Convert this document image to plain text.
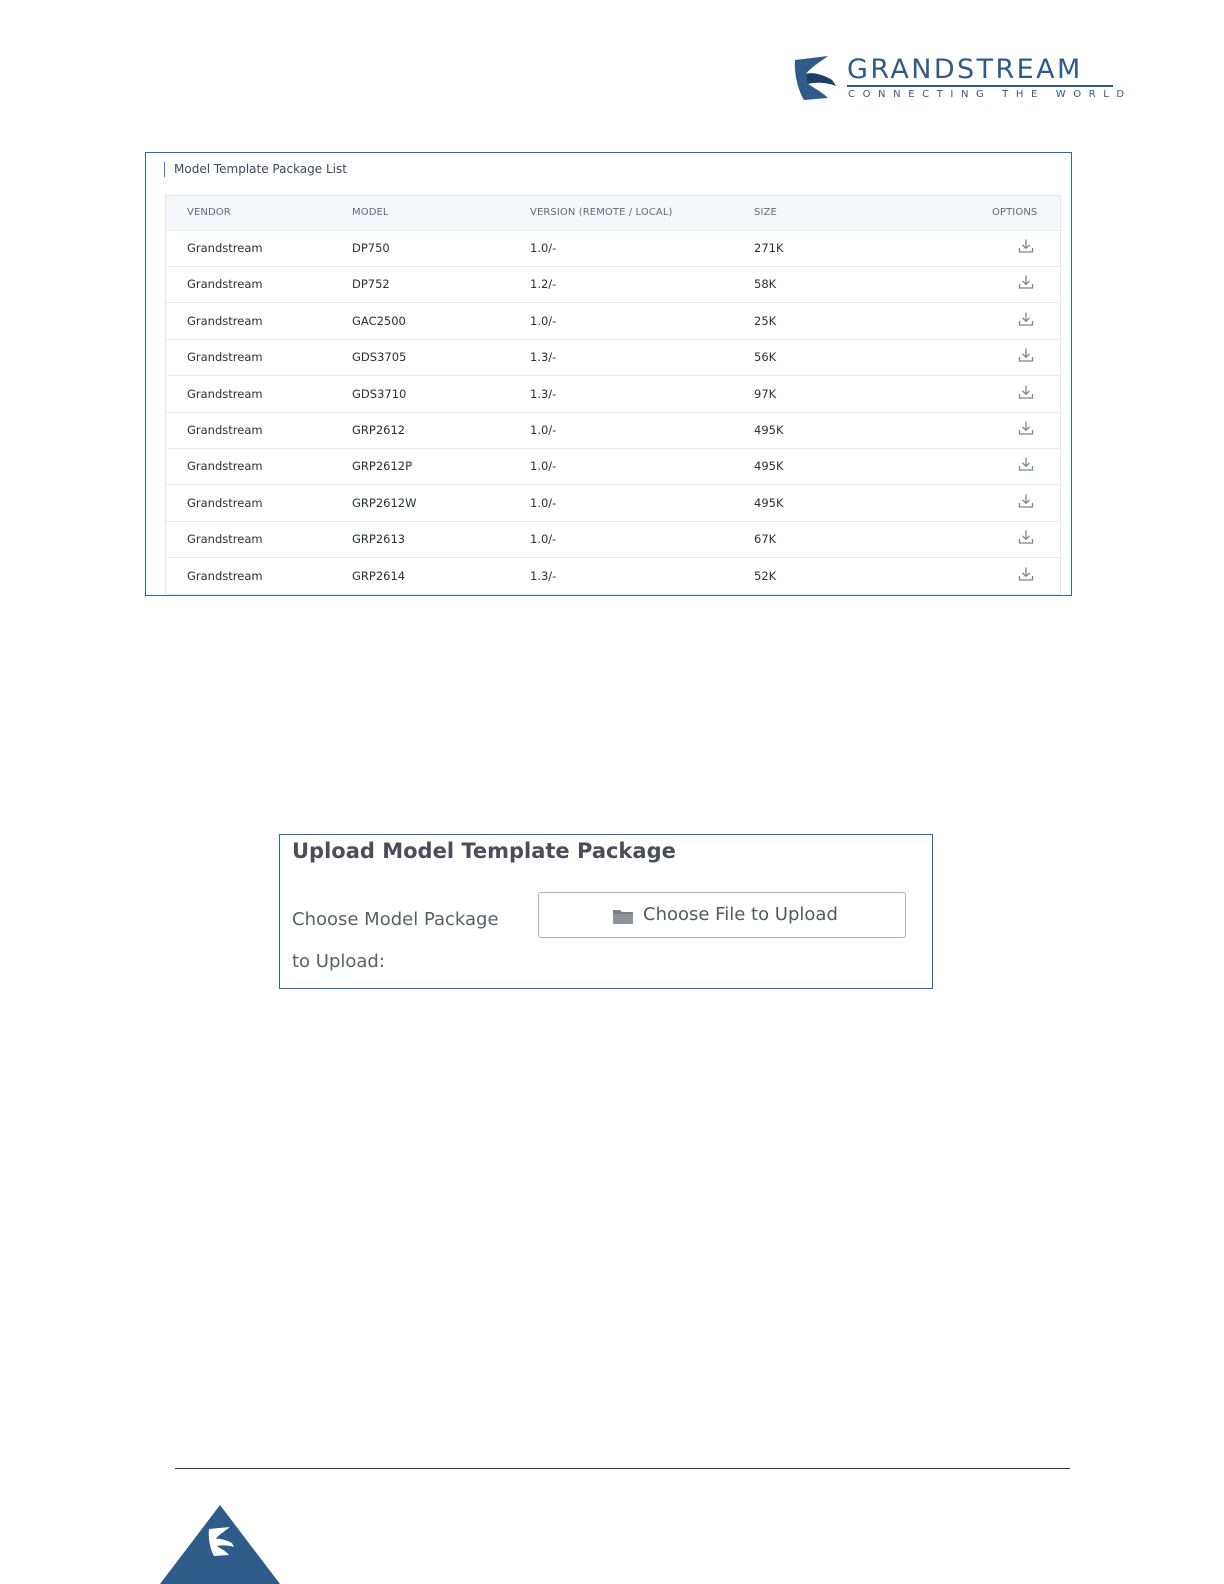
GRANDSTREAM
CONNECTING THE WORLD
Model Template Package List
VENDOR	MODEL	VERSION (REMOTE / LOCAL)	SIZE	OPTIONS
Grandstream	DP750	1.0/-	271K
Grandstream	DP752	1.2/-	58K
Grandstream	GAC2500	1.0/-	25K
Grandstream	GDS3705	1.3/-	56K
Grandstream	GDS3710	1.3/-	97K
Grandstream	GRP2612	1.0/-	495K
Grandstream	GRP2612P	1.0/-	495K
Grandstream	GRP2612W	1.0/-	495K
Grandstream	GRP2613	1.0/-	67K
Grandstream	GRP2614	1.3/-	52K
Upload Model Template Package
Choose Model Package to Upload:
Choose File to Upload
